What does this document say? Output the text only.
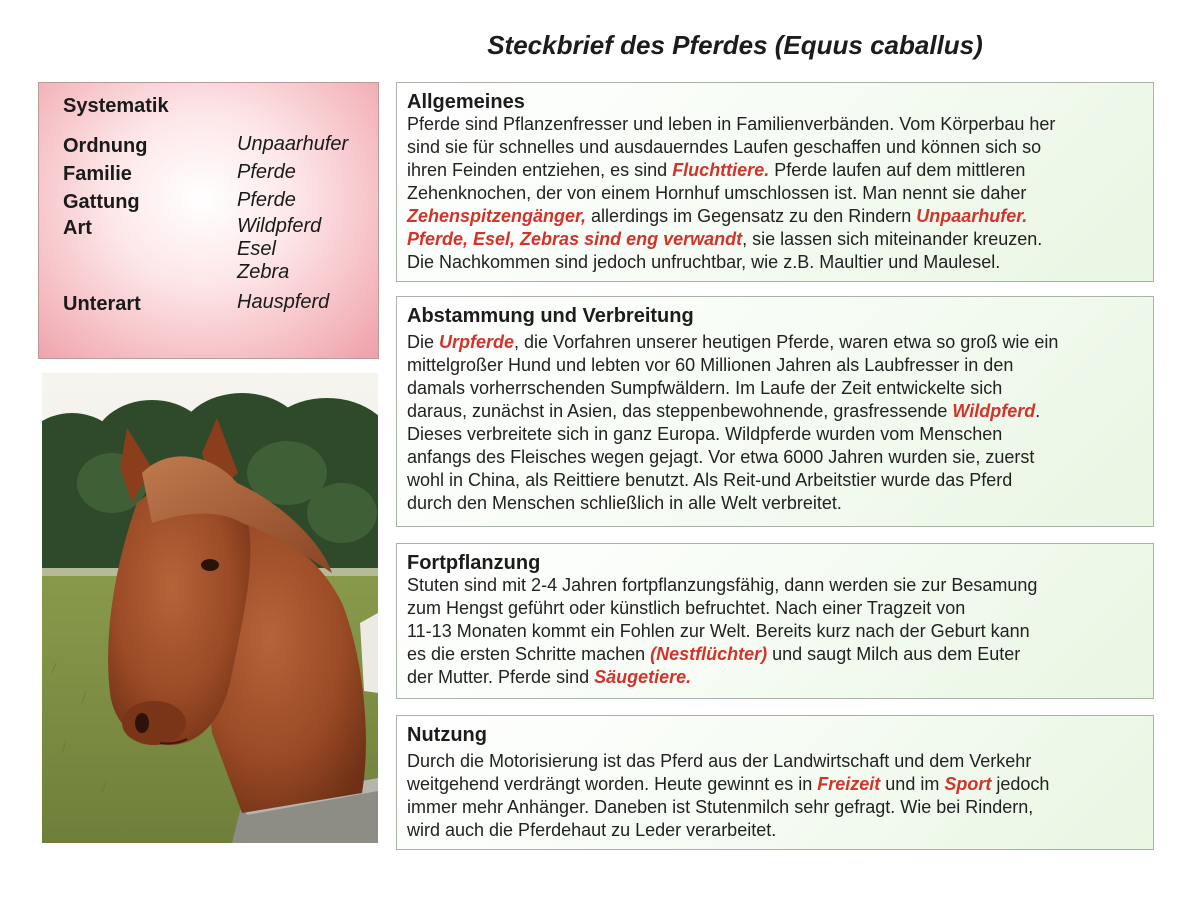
Steckbrief des Pferdes (Equus caballus)
Systematik
Ordnung	Unpaarhufer
Familie	Pferde
Gattung	Pferde
Art	Wildpferd
Esel
Zebra
Unterart	Hauspferd
Allgemeines

Pferde sind Pflanzenfresser und leben in Familienverbänden. Vom Körperbau her
sind sie für schnelles und ausdauerndes Laufen geschaffen und können sich so
ihren Feinden entziehen, es sind Fluchttiere. Pferde laufen auf dem mittleren
Zehenknochen, der von einem Hornhuf umschlossen ist. Man nennt sie daher
Zehenspitzengänger, allerdings im Gegensatz zu den Rindern Unpaarhufer.
Pferde, Esel, Zebras sind eng verwandt, sie lassen sich miteinander kreuzen.
Die Nachkommen sind jedoch unfruchtbar, wie z.B. Maultier und Maulesel.

Abstammung und Verbreitung

Die Urpferde, die Vorfahren unserer heutigen Pferde, waren etwa so groß wie ein
mittelgroßer Hund und lebten vor 60 Millionen Jahren als Laubfresser in den
damals vorherrschenden Sumpfwäldern. Im Laufe der Zeit entwickelte sich
daraus, zunächst in Asien, das steppenbewohnende, grasfressende Wildpferd.
Dieses verbreitete sich in ganz Europa. Wildpferde wurden vom Menschen
anfangs des Fleisches wegen gejagt. Vor etwa 6000 Jahren wurden sie, zuerst
wohl in China, als Reittiere benutzt. Als Reit-und Arbeitstier wurde das Pferd
durch den Menschen schließlich in alle Welt verbreitet.

Fortpflanzung

Stuten sind mit 2-4 Jahren fortpflanzungsfähig, dann werden sie zur Besamung
zum Hengst geführt oder künstlich befruchtet. Nach einer Tragzeit von
11-13 Monaten kommt ein Fohlen zur Welt. Bereits kurz nach der Geburt kann
es die ersten Schritte machen (Nestflüchter) und saugt Milch aus dem Euter
der Mutter. Pferde sind Säugetiere.

Nutzung

Durch die Motorisierung ist das Pferd aus der Landwirtschaft und dem Verkehr
weitgehend verdrängt worden. Heute gewinnt es in Freizeit und im Sport jedoch
immer mehr Anhänger. Daneben ist Stutenmilch sehr gefragt. Wie bei Rindern,
wird auch die Pferdehaut zu Leder verarbeitet.
